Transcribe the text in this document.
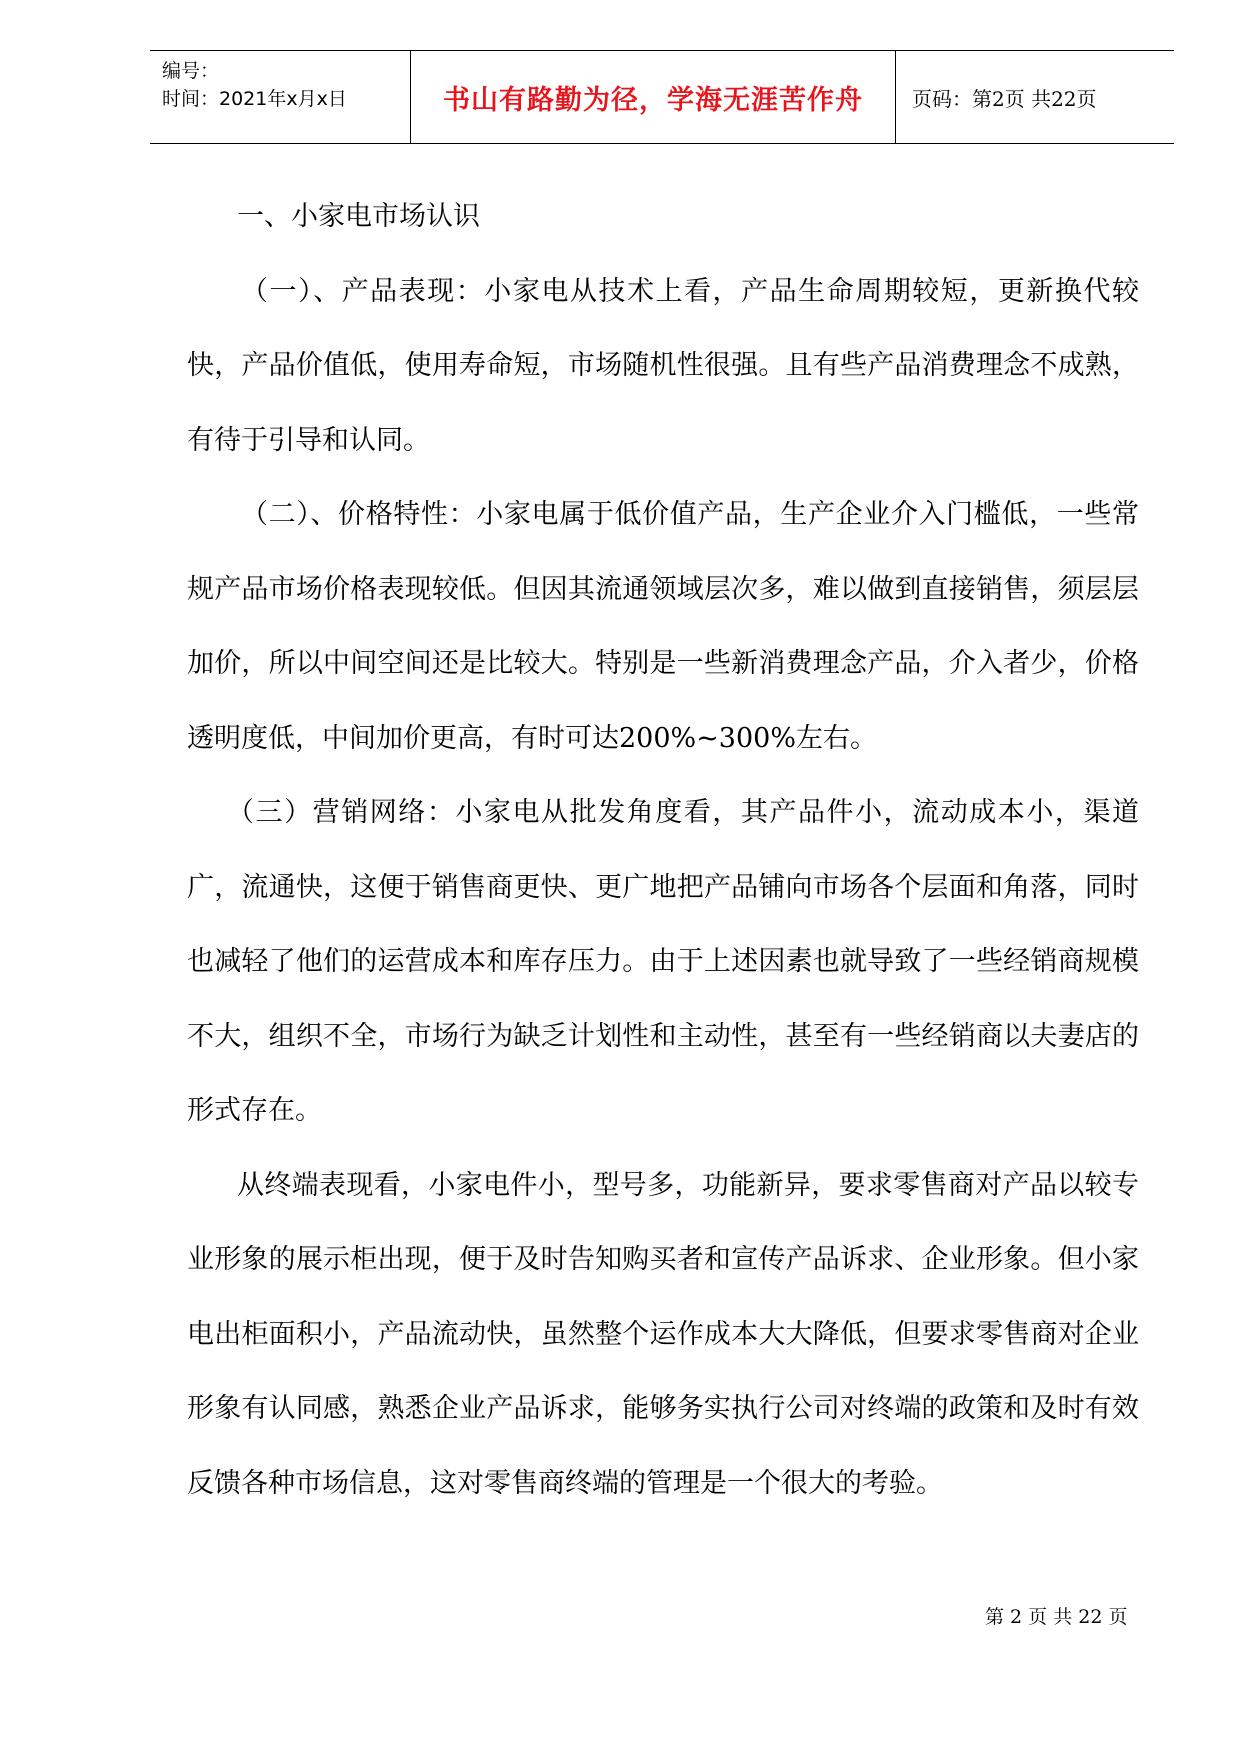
编号：
时间：2021年x月x日	书山有路勤为径，学海无涯苦作舟 页码：第2页 共22页

一、小家电市场认识

（一）、产品表现：小家电从技术上看，产品生命周期较短，更新换代较快，产品价值低，使用寿命短，市场随机性很强。且有些产品消费理念不成熟，有待于引导和认同。

（二）、价格特性：小家电属于低价值产品，生产企业介入门槛低，一些常规产品市场价格表现较低。但因其流通领域层次多，难以做到直接销售，须层层加价，所以中间空间还是比较大。特别是一些新消费理念产品，介入者少，价格透明度低，中间加价更高，有时可达200%~300%左右。

（三）营销网络：小家电从批发角度看，其产品件小，流动成本小，渠道广，流通快，这便于销售商更快、更广地把产品铺向市场各个层面和角落，同时也减轻了他们的运营成本和库存压力。由于上述因素也就导致了一些经销商规模不大，组织不全，市场行为缺乏计划性和主动性，甚至有一些经销商以夫妻店的形式存在。

从终端表现看，小家电件小，型号多，功能新异，要求零售商对产品以较专业形象的展示柜出现，便于及时告知购买者和宣传产品诉求、企业形象。但小家电出柜面积小，产品流动快，虽然整个运作成本大大降低，但要求零售商对企业形象有认同感，熟悉企业产品诉求，能够务实执行公司对终端的政策和及时有效反馈各种市场信息，这对零售商终端的管理是一个很大的考验。

第 2 页 共 22 页
